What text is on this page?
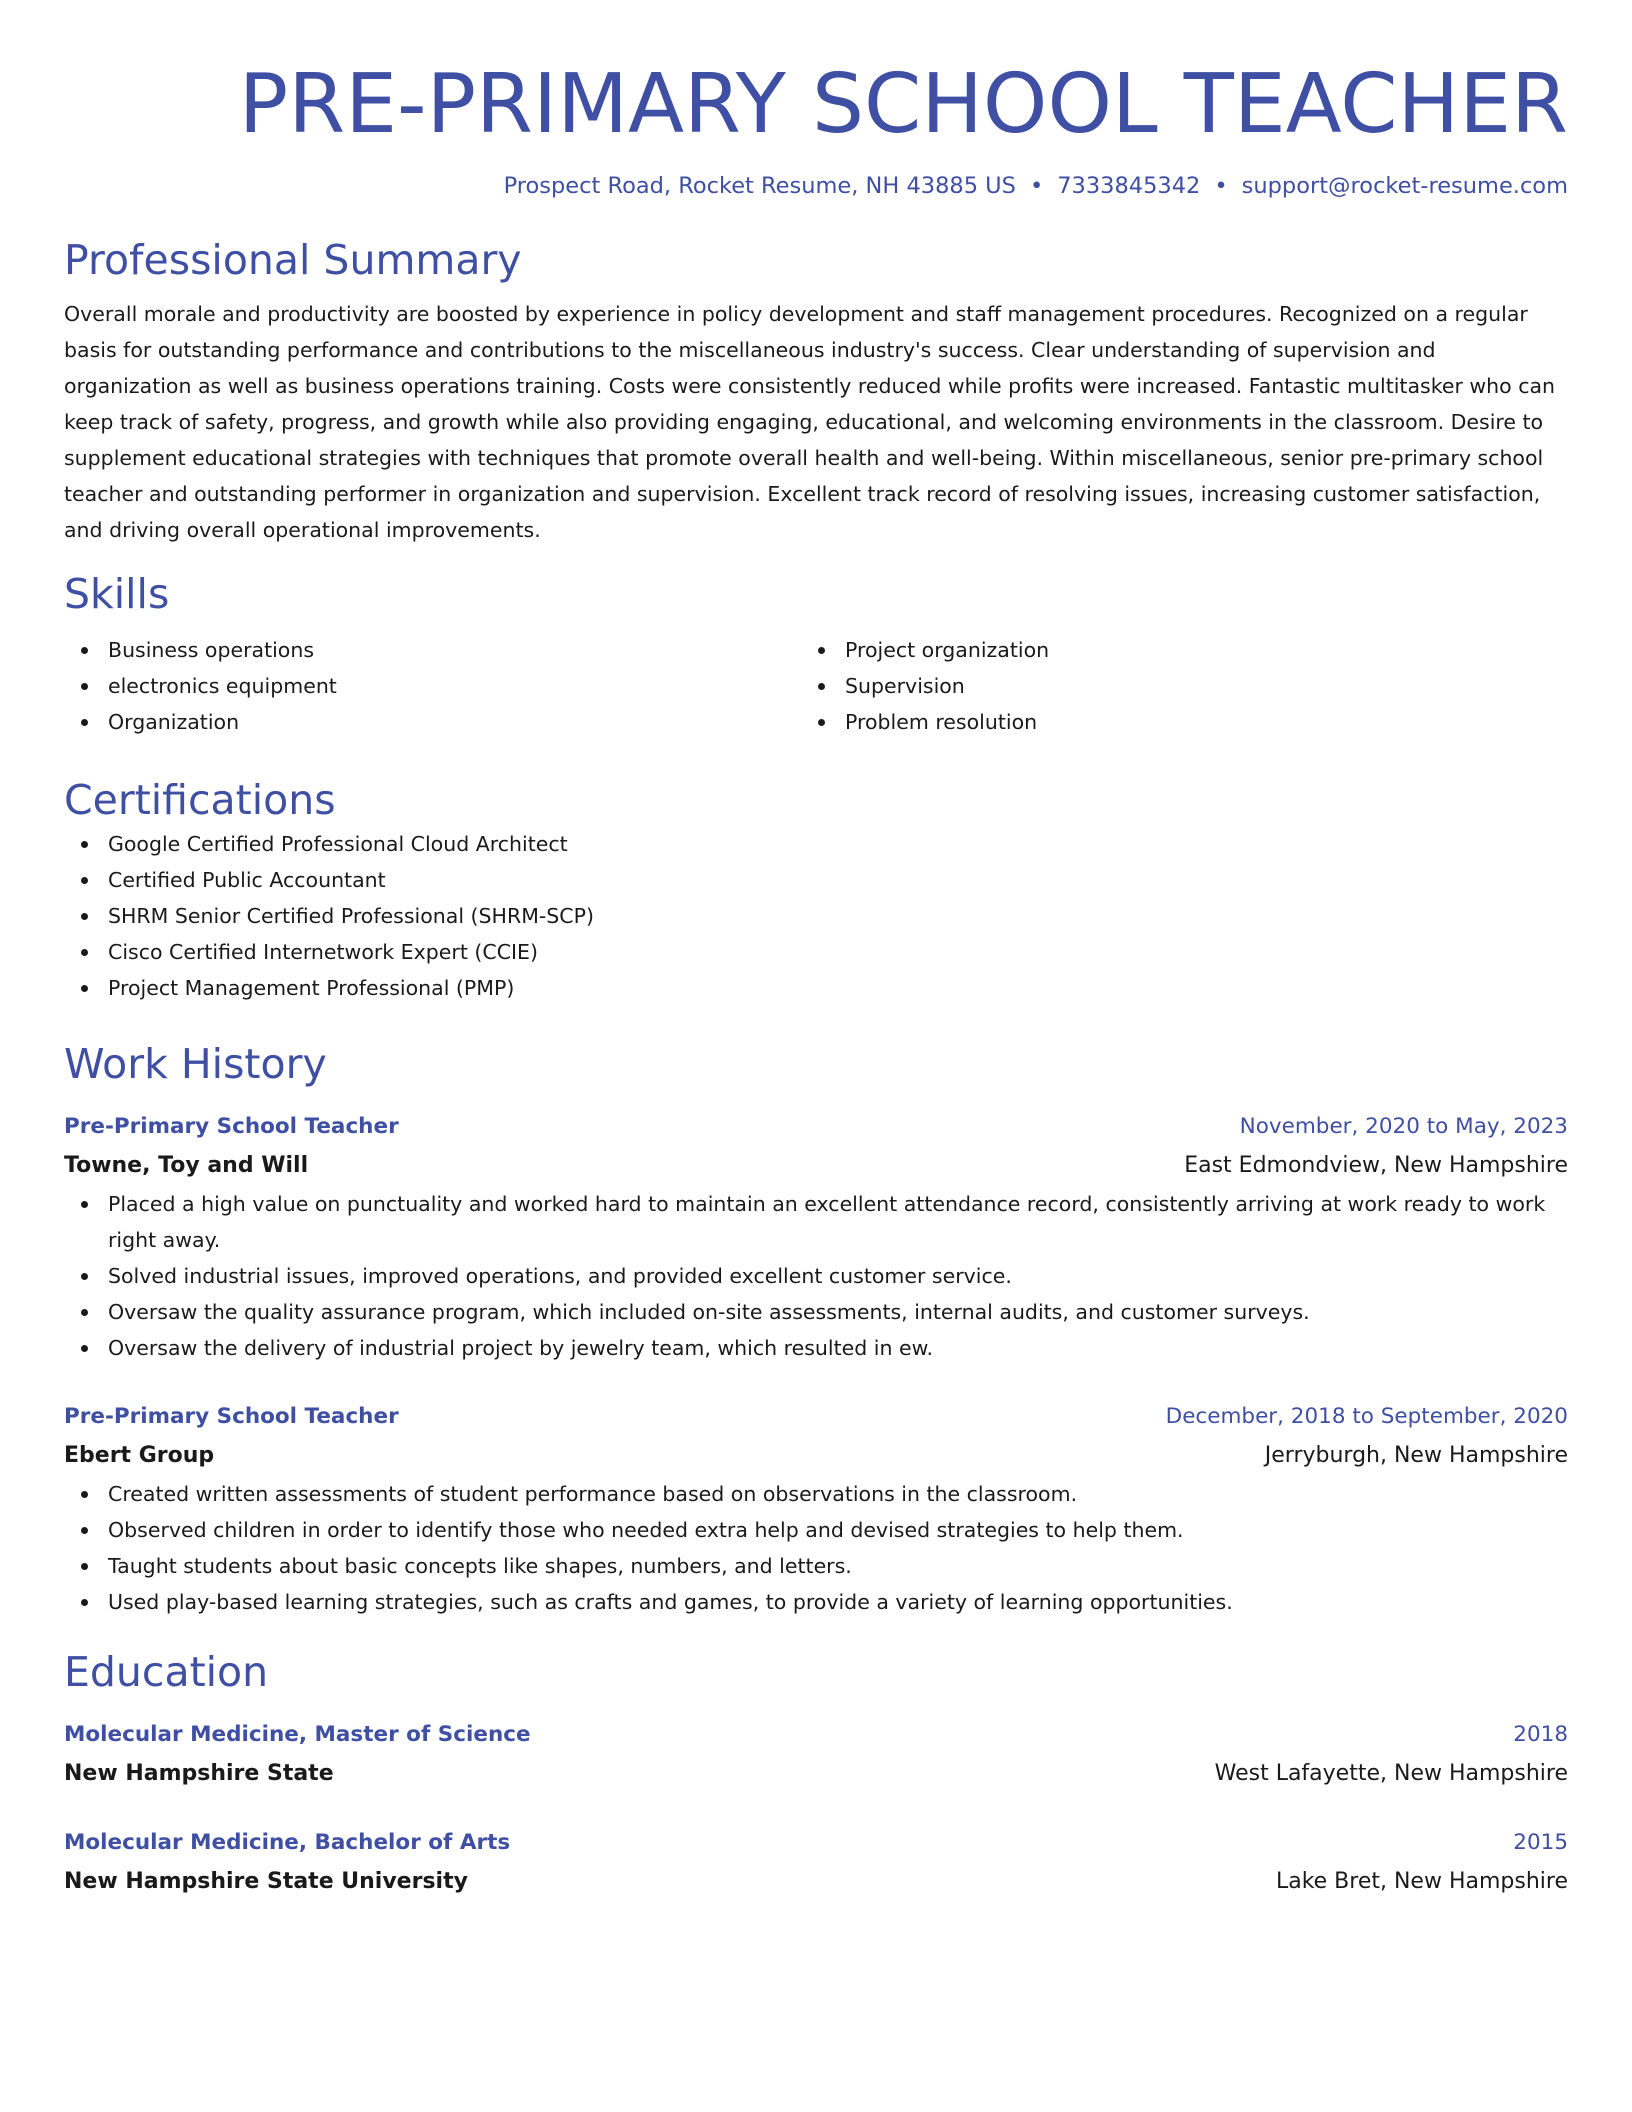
PRE-PRIMARY SCHOOL TEACHER
Prospect Road, Rocket Resume, NH 43885 US • 7333845342 • support@rocket-resume.com
Professional Summary
Overall morale and productivity are boosted by experience in policy development and staff management procedures. Recognized on a regular basis for outstanding performance and contributions to the miscellaneous industry's success. Clear understanding of supervision and organization as well as business operations training. Costs were consistently reduced while profits were increased. Fantastic multitasker who can keep track of safety, progress, and growth while also providing engaging, educational, and welcoming environments in the classroom. Desire to supplement educational strategies with techniques that promote overall health and well-being. Within miscellaneous, senior pre-primary school teacher and outstanding performer in organization and supervision. Excellent track record of resolving issues, increasing customer satisfaction, and driving overall operational improvements.
Skills
Business operations
electronics equipment
Organization
Project organization
Supervision
Problem resolution
Certifications
Google Certified Professional Cloud Architect
Certified Public Accountant
SHRM Senior Certified Professional (SHRM-SCP)
Cisco Certified Internetwork Expert (CCIE)
Project Management Professional (PMP)
Work History
Pre-Primary School Teacher	November, 2020 to May, 2023
Towne, Toy and Will	East Edmondview, New Hampshire
Placed a high value on punctuality and worked hard to maintain an excellent attendance record, consistently arriving at work ready to work right away.
Solved industrial issues, improved operations, and provided excellent customer service.
Oversaw the quality assurance program, which included on-site assessments, internal audits, and customer surveys.
Oversaw the delivery of industrial project by jewelry team, which resulted in ew.
Pre-Primary School Teacher	December, 2018 to September, 2020
Ebert Group	Jerryburgh, New Hampshire
Created written assessments of student performance based on observations in the classroom.
Observed children in order to identify those who needed extra help and devised strategies to help them.
Taught students about basic concepts like shapes, numbers, and letters.
Used play-based learning strategies, such as crafts and games, to provide a variety of learning opportunities.
Education
Molecular Medicine, Master of Science	2018
New Hampshire State	West Lafayette, New Hampshire
Molecular Medicine, Bachelor of Arts	2015
New Hampshire State University	Lake Bret, New Hampshire
